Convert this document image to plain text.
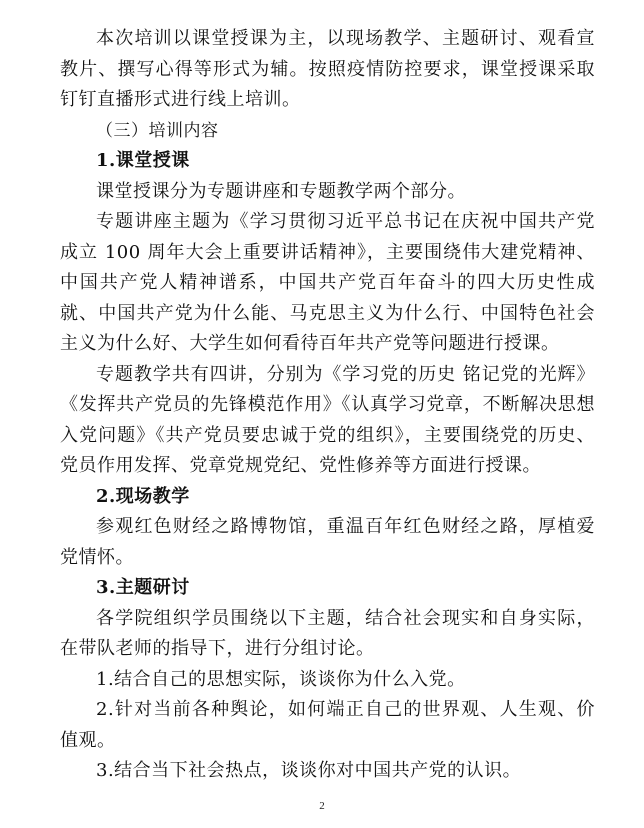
本次培训以课堂授课为主，以现场教学、主题研讨、观看宣教片、撰写心得等形式为辅。按照疫情防控要求，课堂授课采取钉钉直播形式进行线上培训。

（三）培训内容

1.课堂授课

课堂授课分为专题讲座和专题教学两个部分。

专题讲座主题为《学习贯彻习近平总书记在庆祝中国共产党成立 100 周年大会上重要讲话精神》，主要围绕伟大建党精神、中国共产党人精神谱系，中国共产党百年奋斗的四大历史性成就、中国共产党为什么能、马克思主义为什么行、中国特色社会主义为什么好、大学生如何看待百年共产党等问题进行授课。

专题教学共有四讲，分别为《学习党的历史 铭记党的光辉》《发挥共产党员的先锋模范作用》《认真学习党章，不断解决思想入党问题》《共产党员要忠诚于党的组织》，主要围绕党的历史、党员作用发挥、党章党规党纪、党性修养等方面进行授课。

2.现场教学

参观红色财经之路博物馆，重温百年红色财经之路，厚植爱党情怀。

3.主题研讨

各学院组织学员围绕以下主题，结合社会现实和自身实际，在带队老师的指导下，进行分组讨论。

1.结合自己的思想实际，谈谈你为什么入党。

2.针对当前各种舆论，如何端正自己的世界观、人生观、价值观。

3.结合当下社会热点，谈谈你对中国共产党的认识。

2
